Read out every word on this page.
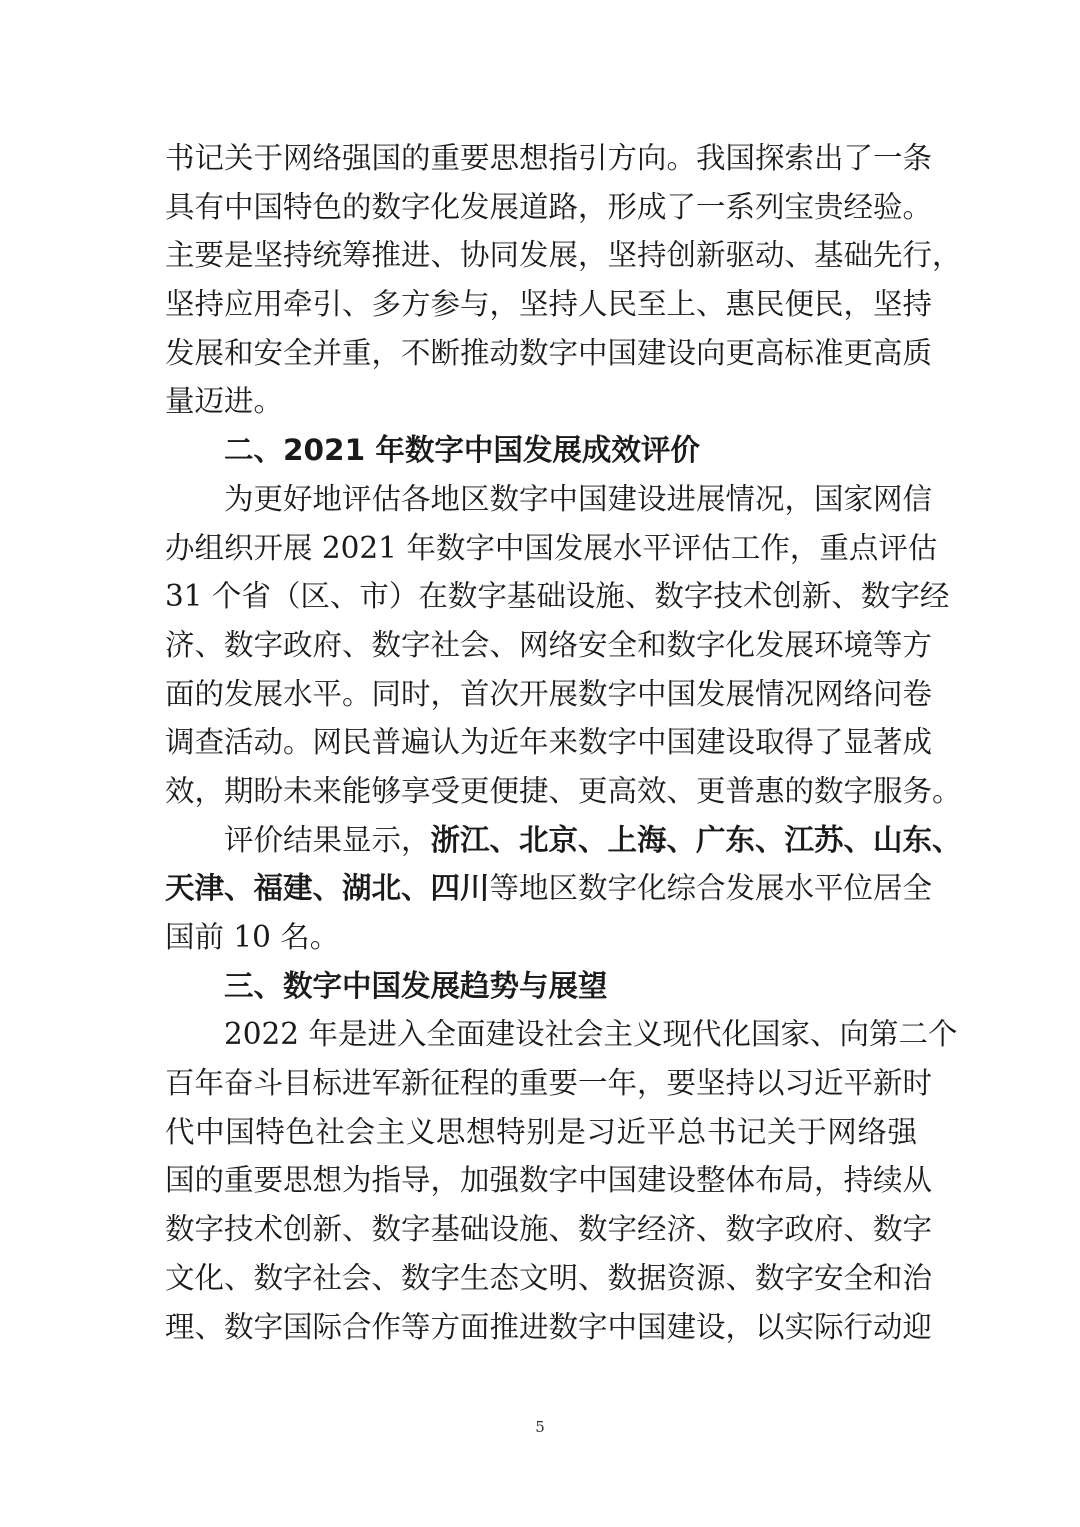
书记关于网络强国的重要思想指引方向。我国探索出了一条
具有中国特色的数字化发展道路，形成了一系列宝贵经验。
主要是坚持统筹推进、协同发展，坚持创新驱动、基础先行，
坚持应用牵引、多方参与，坚持人民至上、惠民便民，坚持
发展和安全并重，不断推动数字中国建设向更高标准更高质
量迈进。
二、2021 年数字中国发展成效评价
为更好地评估各地区数字中国建设进展情况，国家网信
办组织开展 2021 年数字中国发展水平评估工作，重点评估
31 个省（区、市）在数字基础设施、数字技术创新、数字经
济、数字政府、数字社会、网络安全和数字化发展环境等方
面的发展水平。同时，首次开展数字中国发展情况网络问卷
调查活动。网民普遍认为近年来数字中国建设取得了显著成
效，期盼未来能够享受更便捷、更高效、更普惠的数字服务。
评价结果显示，浙江、北京、上海、广东、江苏、山东、
天津、福建、湖北、四川等地区数字化综合发展水平位居全
国前 10 名。
三、数字中国发展趋势与展望
2022 年是进入全面建设社会主义现代化国家、向第二个
百年奋斗目标进军新征程的重要一年，要坚持以习近平新时
代中国特色社会主义思想特别是习近平总书记关于网络强
国的重要思想为指导，加强数字中国建设整体布局，持续从
数字技术创新、数字基础设施、数字经济、数字政府、数字
文化、数字社会、数字生态文明、数据资源、数字安全和治
理、数字国际合作等方面推进数字中国建设，以实际行动迎
5
